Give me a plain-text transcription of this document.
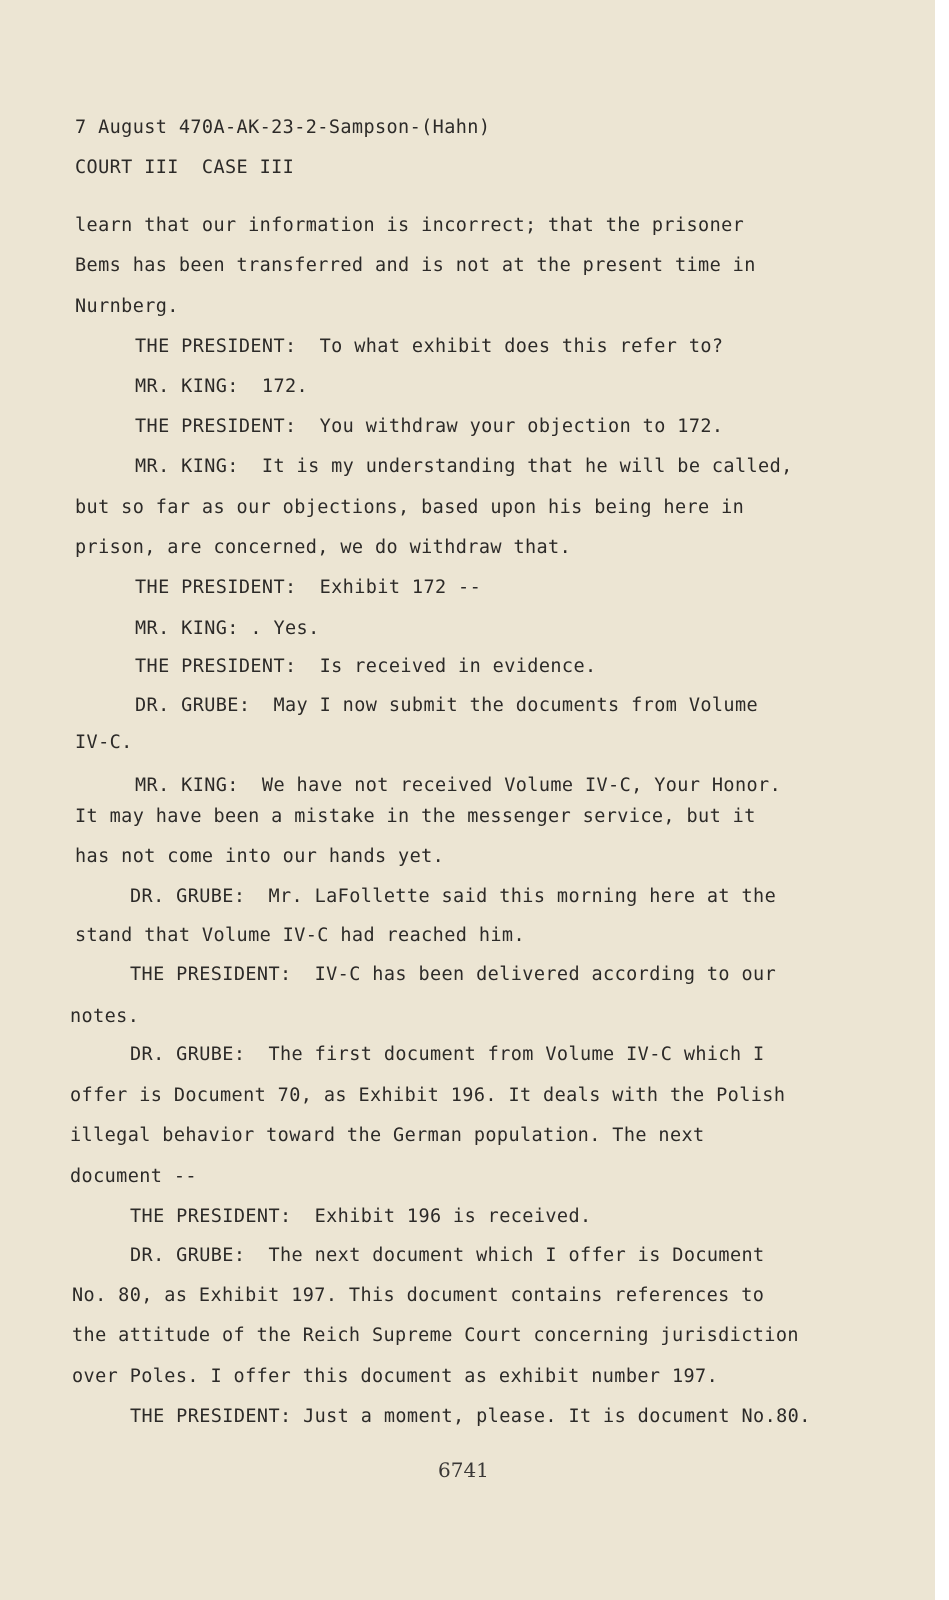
7 August 470A-AK-23-2-Sampson-(Hahn)
COURT III  CASE III
learn that our information is incorrect; that the prisoner
Bems has been transferred and is not at the present time in
Nurnberg.
THE PRESIDENT:  To what exhibit does this refer to?
MR. KING:  172.
THE PRESIDENT:  You withdraw your objection to 172.
MR. KING:  It is my understanding that he will be called,
but so far as our objections, based upon his being here in
prison, are concerned, we do withdraw that.
THE PRESIDENT:  Exhibit 172 --
MR. KING: . Yes.
THE PRESIDENT:  Is received in evidence.
DR. GRUBE:  May I now submit the documents from Volume
IV-C.
MR. KING:  We have not received Volume IV-C, Your Honor.
It may have been a mistake in the messenger service, but it
has not come into our hands yet.
DR. GRUBE:  Mr. LaFollette said this morning here at the
stand that Volume IV-C had reached him.
THE PRESIDENT:  IV-C has been delivered according to our
notes.
DR. GRUBE:  The first document from Volume IV-C which I
offer is Document 70, as Exhibit 196. It deals with the Polish
illegal behavior toward the German population. The next
document --
THE PRESIDENT:  Exhibit 196 is received.
DR. GRUBE:  The next document which I offer is Document
No. 80, as Exhibit 197. This document contains references to
the attitude of the Reich Supreme Court concerning jurisdiction
over Poles. I offer this document as exhibit number 197.
THE PRESIDENT: Just a moment, please. It is document No.80.
6741
